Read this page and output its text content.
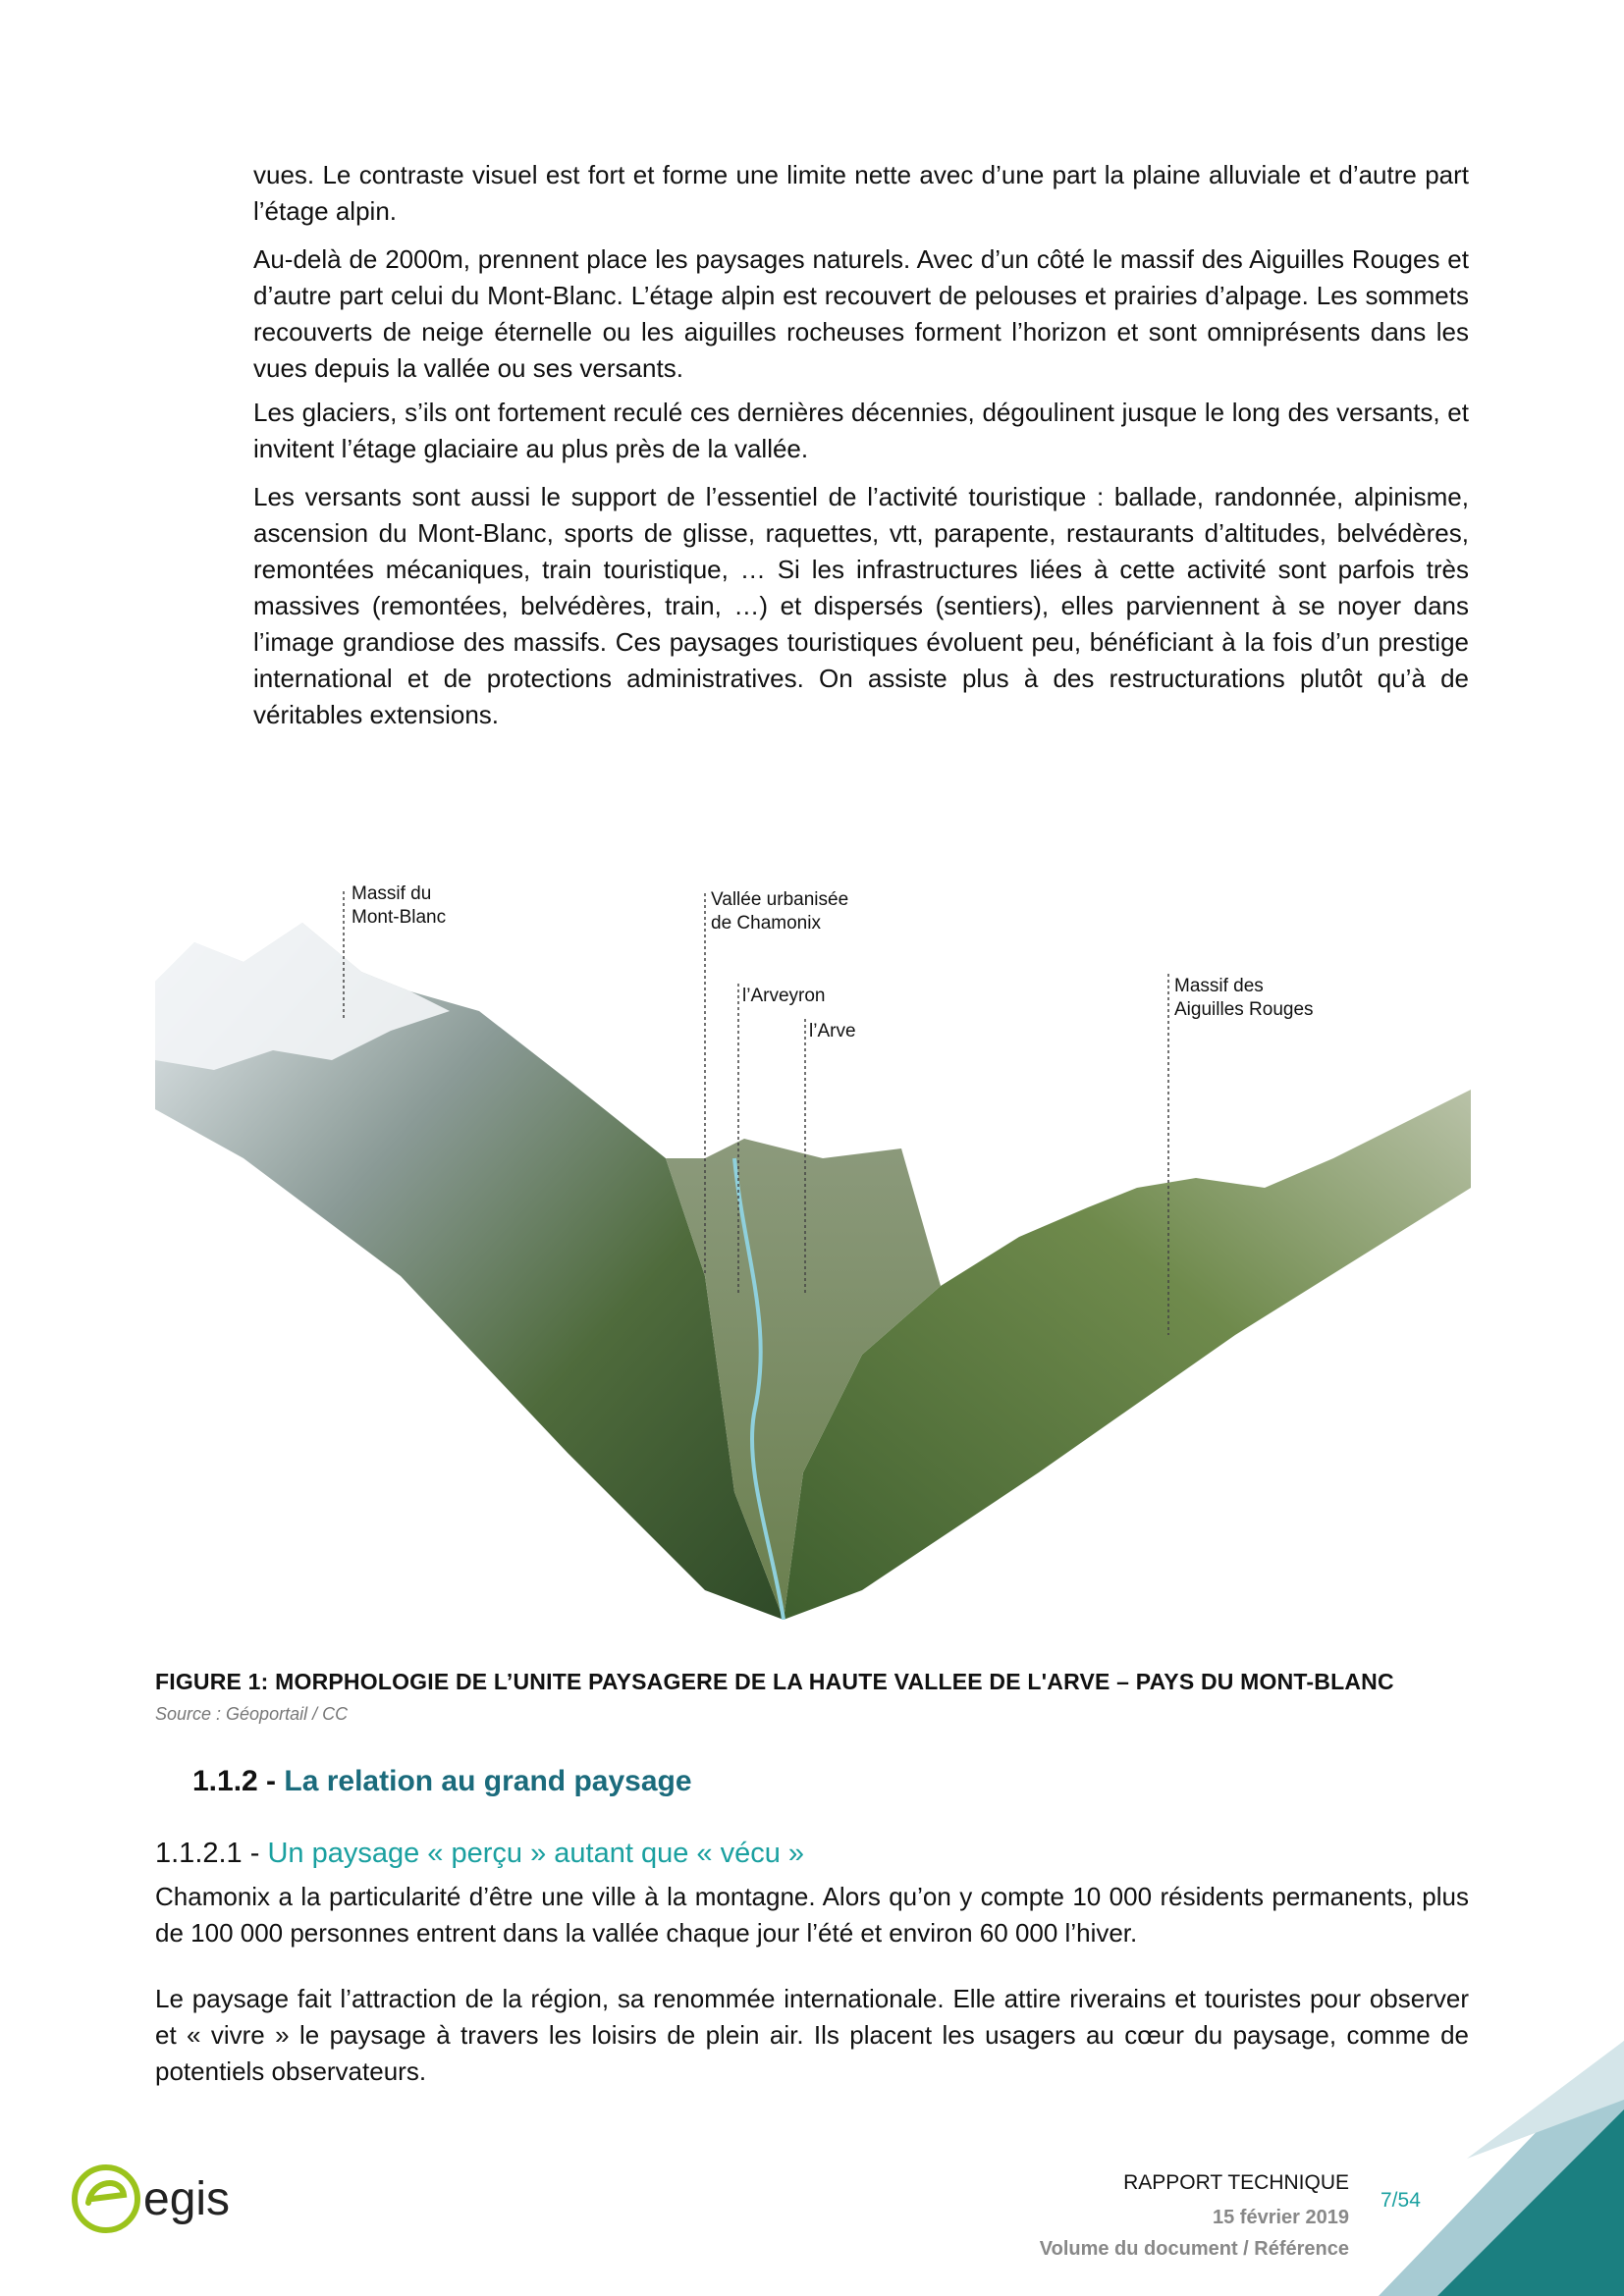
vues. Le contraste visuel est fort et forme une limite nette avec d’une part la plaine alluviale et d’autre part l’étage alpin.

Au-delà de 2000m, prennent place les paysages naturels. Avec d’un côté le massif des Aiguilles Rouges et d’autre part celui du Mont-Blanc. L’étage alpin est recouvert de pelouses et prairies d’alpage. Les sommets recouverts de neige éternelle ou les aiguilles rocheuses forment l’horizon et sont omniprésents dans les vues depuis la vallée ou ses versants.

Les glaciers, s’ils ont fortement reculé ces dernières décennies, dégoulinent jusque le long des versants, et invitent l’étage glaciaire au plus près de la vallée.

Les versants sont aussi le support de l’essentiel de l’activité touristique : ballade, randonnée, alpinisme, ascension du Mont-Blanc, sports de glisse, raquettes, vtt, parapente, restaurants d’altitudes, belvédères, remontées mécaniques, train touristique, … Si les infrastructures liées à cette activité sont parfois très massives (remontées, belvédères, train, …) et dispersés (sentiers), elles parviennent à se noyer dans l’image grandiose des massifs. Ces paysages touristiques évoluent peu, bénéficiant à la fois d’un prestige international et de protections administratives. On assiste plus à des restructurations plutôt qu’à de véritables extensions.

Massif du
Mont-Blanc
Vallée urbanisée
de Chamonix
l’Arveyron
l’Arve
Massif des
Aiguilles Rouges
FIGURE 1: MORPHOLOGIE DE L’UNITE PAYSAGERE DE LA HAUTE VALLEE DE L'ARVE – PAYS DU MONT-BLANC
Source : Géoportail / CC
1.1.2 - La relation au grand paysage
1.1.2.1 - Un paysage « perçu » autant que « vécu »

Chamonix a la particularité d’être une ville à la montagne. Alors qu’on y compte 10 000 résidents permanents, plus de 100 000 personnes entrent dans la vallée chaque jour l’été et environ 60 000 l’hiver.

Le paysage fait l’attraction de la région, sa renommée internationale. Elle attire riverains et touristes pour observer et « vivre » le paysage à travers les loisirs de plein air. Ils placent les usagers au cœur du paysage, comme de potentiels observateurs.

egis	RAPPORT TECHNIQUE
15 février 2019
Volume du document / Référence
7/54
